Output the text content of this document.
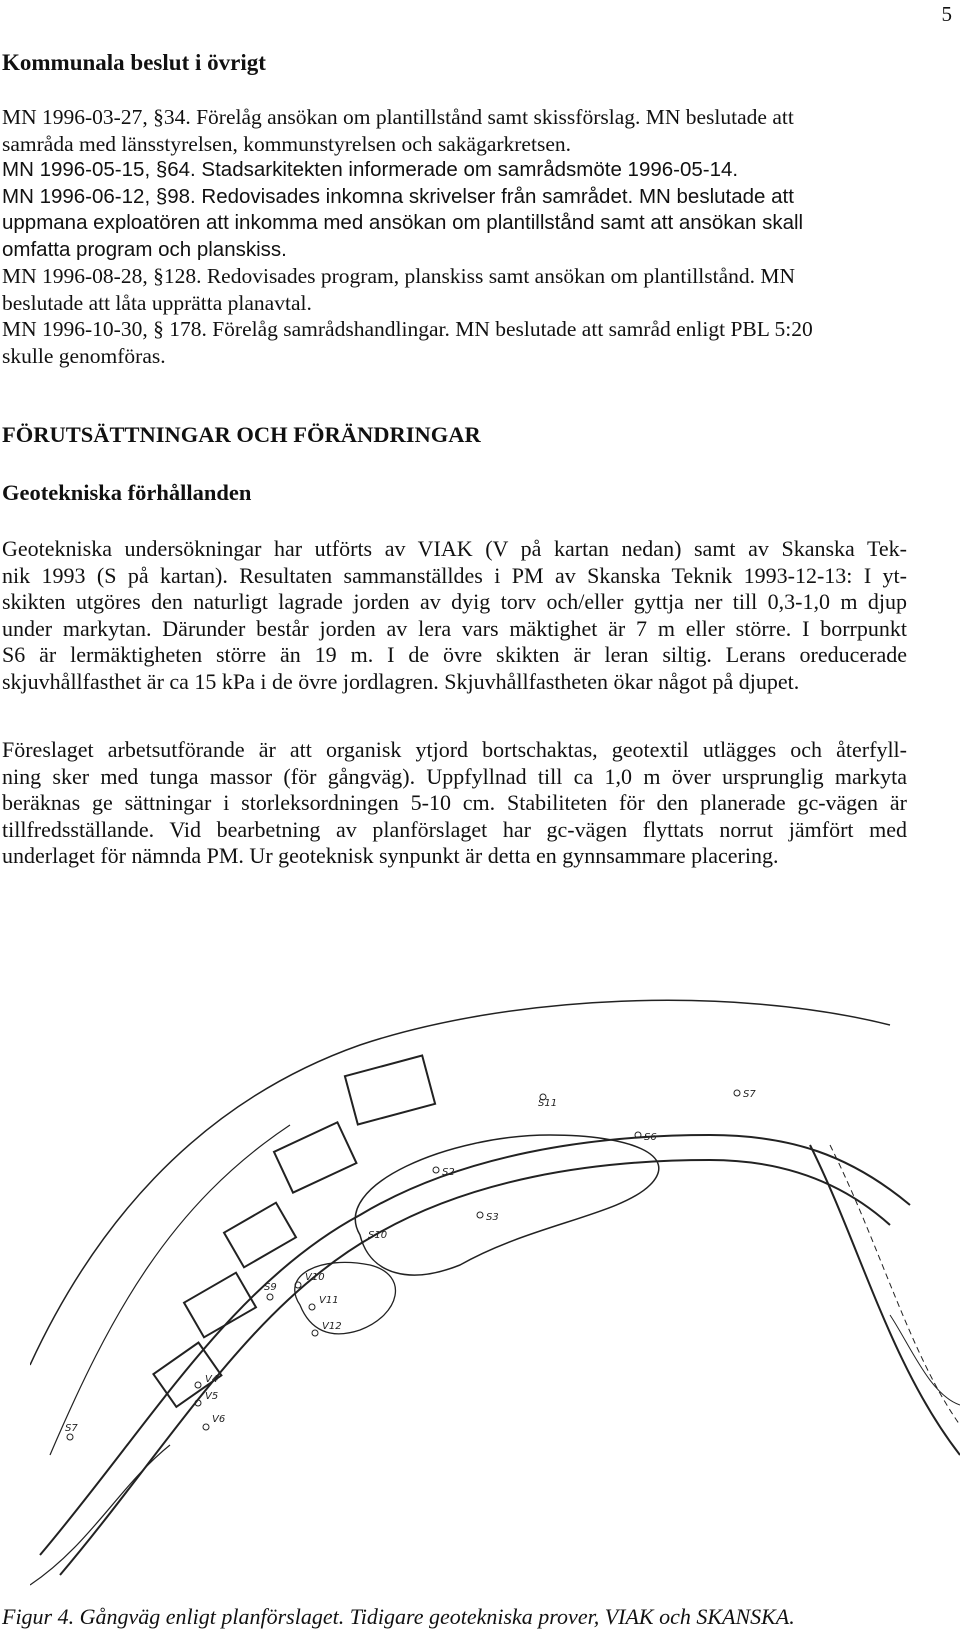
5
Kommunala beslut i övrigt

MN 1996-03-27, §34. Förelåg ansökan om plantillstånd samt skissförslag. MN beslutade att

samråda med länsstyrelsen, kommunstyrelsen och sakägarkretsen.

MN 1996-05-15, §64. Stadsarkitekten informerade om samrådsmöte 1996-05-14.

MN 1996-06-12, §98. Redovisades inkomna skrivelser från samrådet. MN beslutade att

uppmana exploatören att inkomma med ansökan om plantillstånd samt att ansökan skall

omfatta program och planskiss.

MN 1996-08-28, §128. Redovisades program, planskiss samt ansökan om plantillstånd. MN

beslutade att låta upprätta planavtal.

MN 1996-10-30, § 178. Förelåg samrådshandlingar. MN beslutade att samråd enligt PBL 5:20

skulle genomföras.

FÖRUTSÄTTNINGAR OCH FÖRÄNDRINGAR
Geotekniska förhållanden
Geotekniska undersökningar har utförts av VIAK (V på kartan nedan) samt av Skanska Tek-
nik 1993 (S på kartan). Resultaten sammanställdes i PM av Skanska Teknik 1993-12-13: I yt-
skikten utgöres den naturligt lagrade jorden av dyig torv och/eller gyttja ner till 0,3-1,0 m djup
under markytan. Därunder består jorden av lera vars mäktighet är 7 m eller större. I borrpunkt
S6 är lermäktigheten större än 19 m. I de övre skikten är leran siltig. Lerans oreducerade
skjuvhållfasthet är ca 15 kPa i de övre jordlagren. Skjuvhållfastheten ökar något på djupet.
Föreslaget arbetsutförande är att organisk ytjord bortschaktas, geotextil utlägges och återfyll-
ning sker med tunga massor (för gångväg). Uppfyllnad till ca 1,0 m över ursprunglig markyta
beräknas ge sättningar i storleksordningen 5-10 cm. Stabiliteten för den planerade gc-vägen är
tillfredsställande. Vid bearbetning av planförslaget har gc-vägen flyttats norrut jämfört med
underlaget för nämnda PM. Ur geoteknisk synpunkt är detta en gynnsammare placering.
S11
S7
S6
S2
S3
S10
S9
V10
V11
V12
V4
V5
V6
S7
Figur 4. Gångväg enligt planförslaget. Tidigare geotekniska prover, VIAK och SKANSKA.
